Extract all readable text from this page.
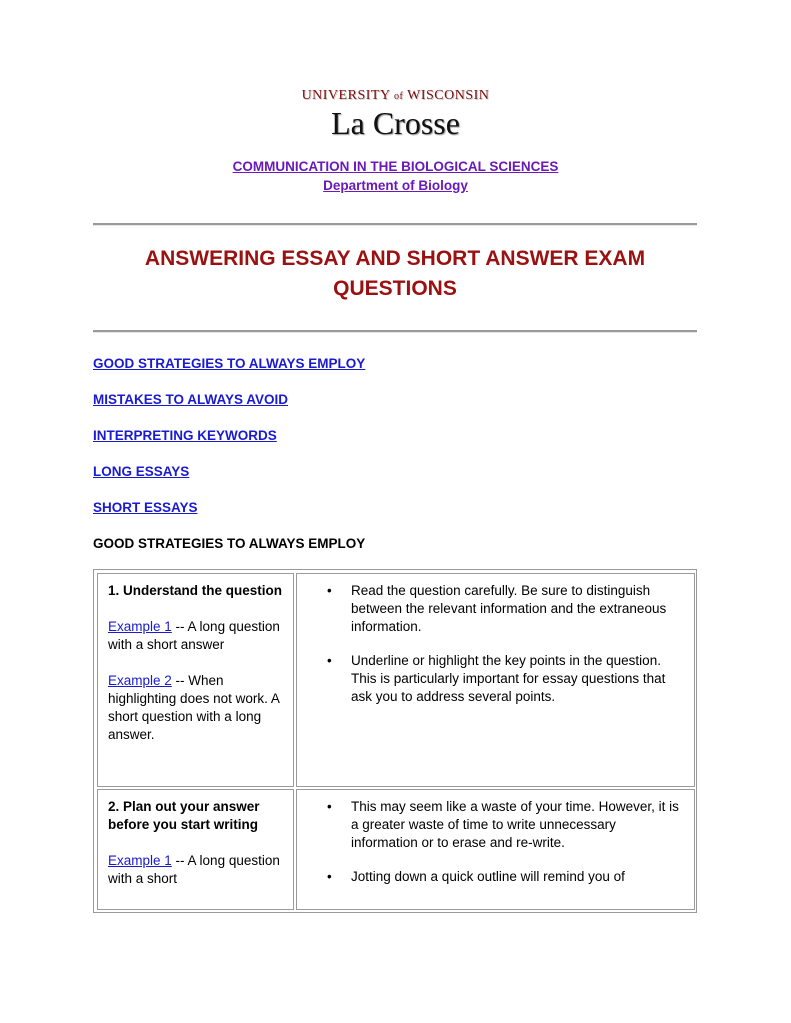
UNIVERSITY of WISCONSIN
La Crosse
COMMUNICATION IN THE BIOLOGICAL SCIENCES
Department of Biology
ANSWERING ESSAY AND SHORT ANSWER EXAM QUESTIONS
GOOD STRATEGIES TO ALWAYS EMPLOY
MISTAKES TO ALWAYS AVOID
INTERPRETING KEYWORDS
LONG ESSAYS
SHORT ESSAYS
GOOD STRATEGIES TO ALWAYS EMPLOY
1. Understand the question
Example 1 -- A long question with a short answer
Example 2 -- When highlighting does not work. A short question with a long answer.
• Read the question carefully. Be sure to distinguish between the relevant information and the extraneous information.
• Underline or highlight the key points in the question. This is particularly important for essay questions that ask you to address several points.
2. Plan out your answer before you start writing
Example 1 -- A long question with a short
• This may seem like a waste of your time. However, it is a greater waste of time to write unnecessary information or to erase and re-write.
• Jotting down a quick outline will remind you of
